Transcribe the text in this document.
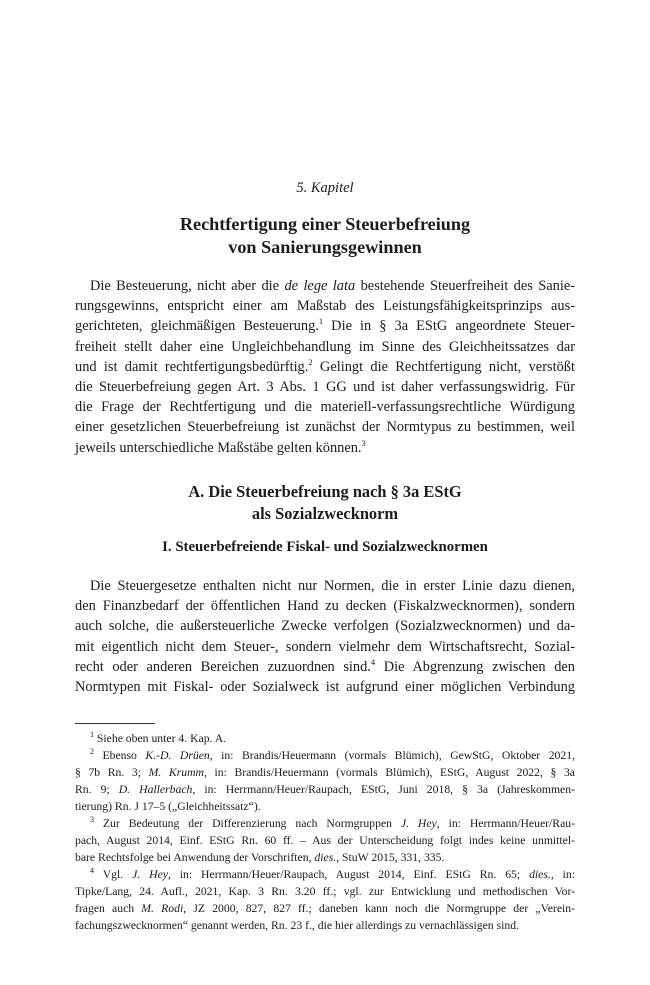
5. Kapitel
Rechtfertigung einer Steuerbefreiung
von Sanierungsgewinnen
Die Besteuerung, nicht aber die de lege lata bestehende Steuerfreiheit des Sanie-
rungsgewinns, entspricht einer am Maßstab des Leistungsfähigkeitsprinzips aus-
gerichteten, gleichmäßigen Besteuerung.$^1$ Die in § 3a EStG angeordnete Steuer-
freiheit stellt daher eine Ungleichbehandlung im Sinne des Gleichheitssatzes dar
und ist damit rechtfertigungsbedürftig.$^2$ Gelingt die Rechtfertigung nicht, verstößt
die Steuerbefreiung gegen Art. 3 Abs. 1 GG und ist daher verfassungswidrig. Für
die Frage der Rechtfertigung und die materiell-verfassungsrechtliche Würdigung
einer gesetzlichen Steuerbefreiung ist zunächst der Normtypus zu bestimmen, weil
jeweils unterschiedliche Maßstäbe gelten können.$^3$
A. Die Steuerbefreiung nach § 3a EStG
als Sozialzwecknorm
I. Steuerbefreiende Fiskal- und Sozialzwecknormen
Die Steuergesetze enthalten nicht nur Normen, die in erster Linie dazu dienen,
den Finanzbedarf der öffentlichen Hand zu decken (Fiskalzwecknormen), sondern
auch solche, die außersteuerliche Zwecke verfolgen (Sozialzwecknormen) und da-
mit eigentlich nicht dem Steuer-, sondern vielmehr dem Wirtschaftsrecht, Sozial-
recht oder anderen Bereichen zuzuordnen sind.$^4$ Die Abgrenzung zwischen den
Normtypen mit Fiskal- oder Sozialweck ist aufgrund einer möglichen Verbindung
$^1$ Siehe oben unter 4. Kap. A.
$^2$ Ebenso K.-D. Drüen, in: Brandis/Heuermann (vormals Blümich), GewStG, Oktober 2021,
§ 7b Rn. 3; M. Krumm, in: Brandis/Heuermann (vormals Blümich), EStG, August 2022, § 3a
Rn. 9; D. Hallerbach, in: Herrmann/Heuer/Raupach, EStG, Juni 2018, § 3a (Jahreskommen-
tierung) Rn. J 17–5 („Gleichheitssatz“).
$^3$ Zur Bedeutung der Differenzierung nach Normgruppen J. Hey, in: Herrmann/Heuer/Rau-
pach, August 2014, Einf. EStG Rn. 60 ff. – Aus der Unterscheidung folgt indes keine unmittel-
bare Rechtsfolge bei Anwendung der Vorschriften, dies., StuW 2015, 331, 335.
$^4$ Vgl. J. Hey, in: Herrmann/Heuer/Raupach, August 2014, Einf. EStG Rn. 65; dies., in:
Tipke/Lang, 24. Aufl., 2021, Kap. 3 Rn. 3.20 ff.; vgl. zur Entwicklung und methodischen Vor-
fragen auch M. Rodi, JZ 2000, 827, 827 ff.; daneben kann noch die Normgruppe der „Verein-
fachungszwecknormen“ genannt werden, Rn. 23 f., die hier allerdings zu vernachlässigen sind.
